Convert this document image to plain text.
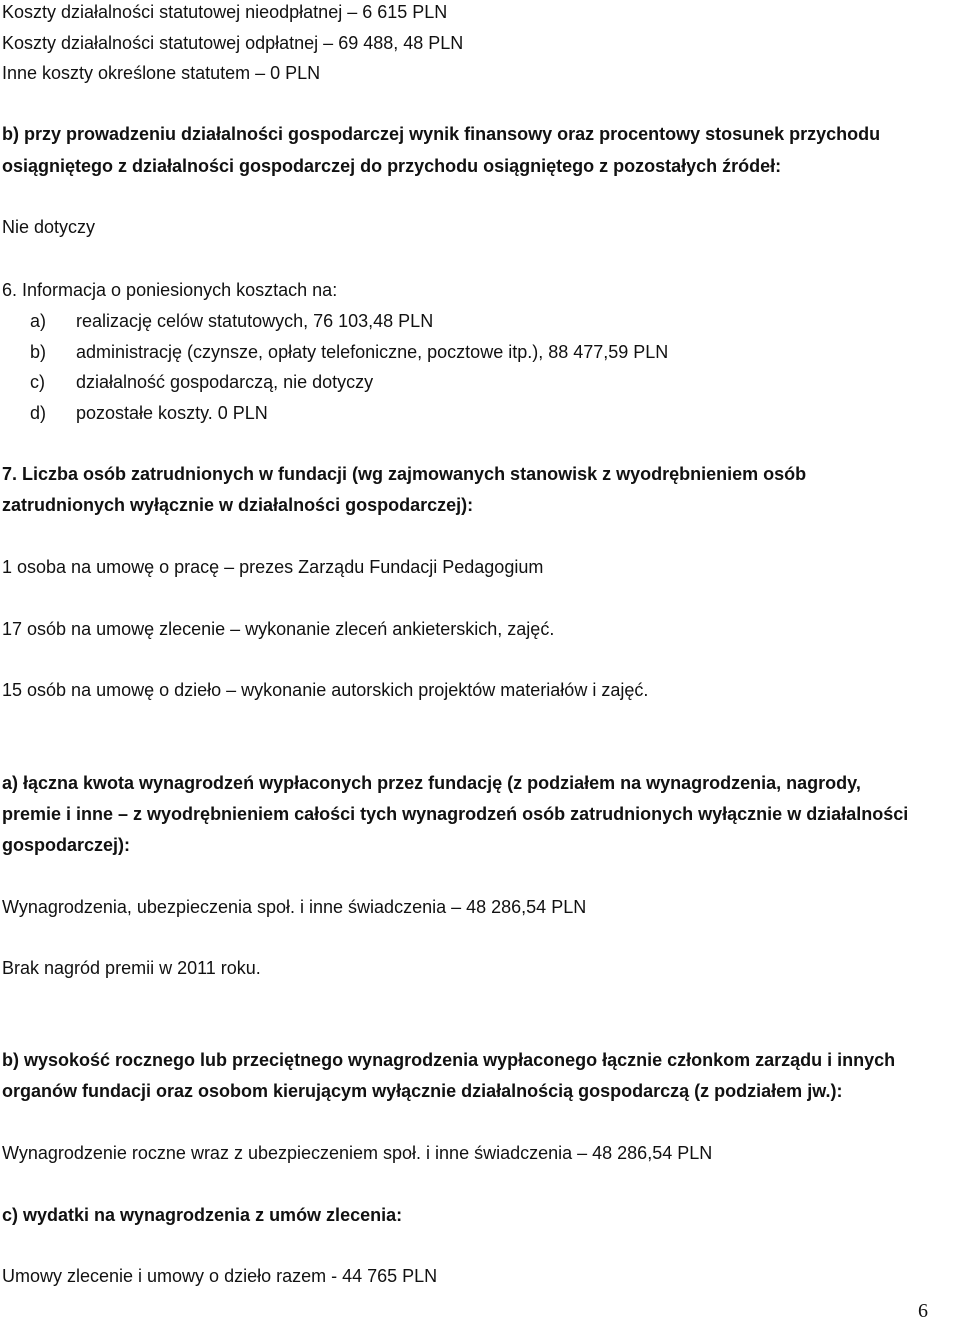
Koszty działalności statutowej nieodpłatnej – 6 615 PLN
Koszty działalności statutowej odpłatnej – 69 488, 48 PLN
Inne koszty określone statutem – 0 PLN
b) przy prowadzeniu działalności gospodarczej wynik finansowy oraz procentowy stosunek przychodu
osiągniętego z działalności gospodarczej do przychodu osiągniętego z pozostałych źródeł:
Nie dotyczy
6. Informacja o poniesionych kosztach na:
a) realizację celów statutowych, 76 103,48 PLN
b) administrację (czynsze, opłaty telefoniczne, pocztowe itp.), 88 477,59 PLN
c) działalność gospodarczą, nie dotyczy
d) pozostałe koszty. 0 PLN
7. Liczba osób zatrudnionych w fundacji (wg zajmowanych stanowisk z wyodrębnieniem osób
zatrudnionych wyłącznie w działalności gospodarczej):
1 osoba na umowę o pracę – prezes Zarządu Fundacji Pedagogium
17 osób na umowę zlecenie – wykonanie zleceń ankieterskich, zajęć.
15 osób na umowę o dzieło – wykonanie autorskich projektów materiałów i zajęć.
a) łączna kwota wynagrodzeń wypłaconych przez fundację (z podziałem na wynagrodzenia, nagrody,
premie i inne – z wyodrębnieniem całości tych wynagrodzeń osób zatrudnionych wyłącznie w działalności
gospodarczej):
Wynagrodzenia, ubezpieczenia społ. i inne świadczenia – 48 286,54 PLN
Brak nagród premii w 2011 roku.
b) wysokość rocznego lub przeciętnego wynagrodzenia wypłaconego łącznie członkom zarządu i innych
organów fundacji oraz osobom kierującym wyłącznie działalnością gospodarczą (z podziałem jw.):
Wynagrodzenie roczne wraz z ubezpieczeniem społ. i inne świadczenia – 48 286,54 PLN
c) wydatki na wynagrodzenia z umów zlecenia:
Umowy zlecenie i umowy o dzieło razem - 44 765 PLN
6
